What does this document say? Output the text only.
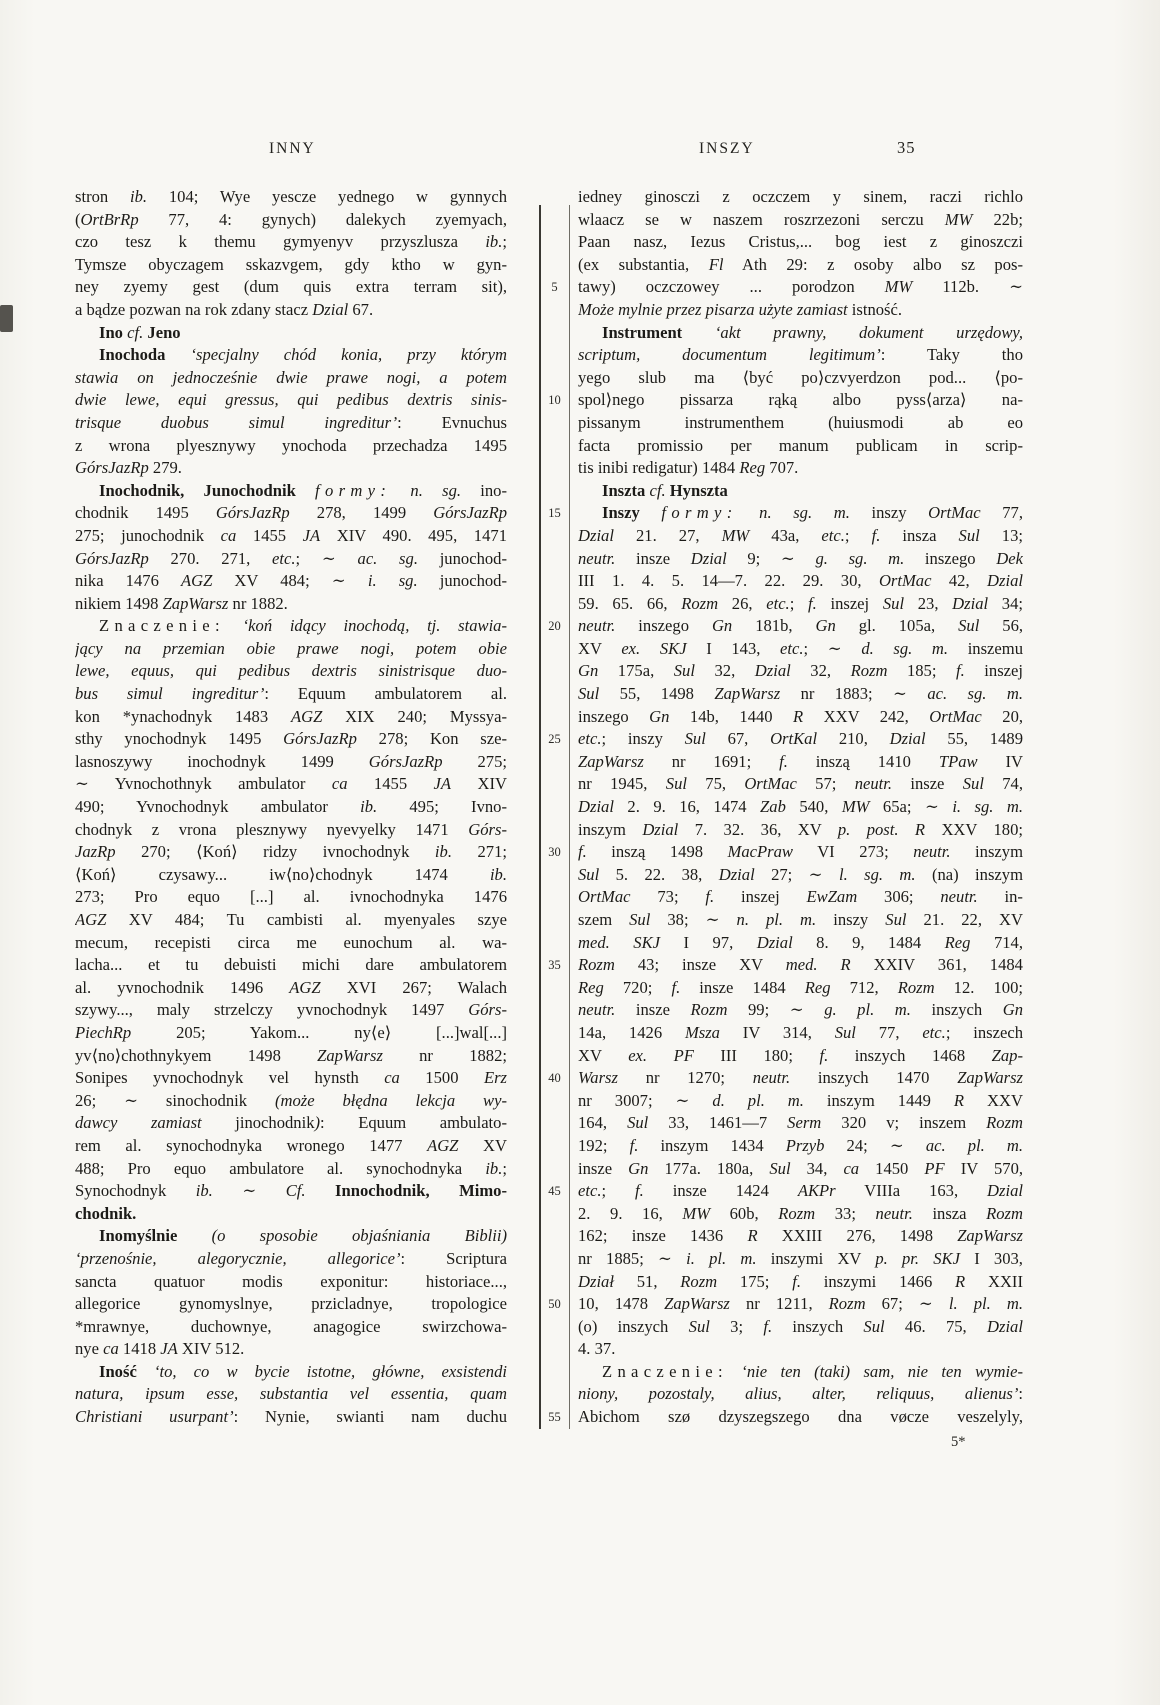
INNY	INSZY	35
stron ib. 104; Wye yescze yednego w gynnych
(OrtBrRp 77, 4: gynych) dalekych zyemyach,
czo tesz k themu gymyenyv przyszlusza ib.;
Tymsze obyczagem sskazvgem, gdy ktho w gyn-
ney zyemy gest (dum quis extra terram sit),
a bądze pozwan na rok zdany stacz Dzial 67.
Ino cf. Jeno
Inochoda ‘specjalny chód konia, przy którym
stawia on jednocześnie dwie prawe nogi, a potem
dwie lewe, equi gressus, qui pedibus dextris sinis-
trisque duobus simul ingreditur’: Evnuchus
z wrona plyesznywy ynochoda przechadza 1495
GórsJazRp 279.
Inochodnik, Junochodnik formy: n. sg. ino-
chodnik 1495 GórsJazRp 278, 1499 GórsJazRp
275; junochodnik ca 1455 JA XIV 490. 495, 1471
GórsJazRp 270. 271, etc.; ∼ ac. sg. junochod-
nika 1476 AGZ XV 484; ∼ i. sg. junochod-
nikiem 1498 ZapWarsz nr 1882.
Znaczenie: ‘koń idący inochodą, tj. stawia-
jący na przemian obie prawe nogi, potem obie
lewe, equus, qui pedibus dextris sinistrisque duo-
bus simul ingreditur’: Equum ambulatorem al.
kon *ynachodnyk 1483 AGZ XIX 240; Myssya-
sthy ynochodnyk 1495 GórsJazRp 278; Kon sze-
lasnoszywy inochodnyk 1499 GórsJazRp 275;
∼ Yvnochothnyk ambulator ca 1455 JA XIV
490; Yvnochodnyk ambulator ib. 495; Ivno-
chodnyk z vrona plesznywy nyevyelky 1471 Górs-
JazRp 270; ⟨Koń⟩ ridzy ivnochodnyk ib. 271;
⟨Koń⟩ czysawy... iw⟨no⟩chodnyk 1474 ib.
273; Pro equo [...] al. ivnochodnyka 1476
AGZ XV 484; Tu cambisti al. myenyales szye
mecum, recepisti circa me eunochum al. wa-
lacha... et tu debuisti michi dare ambulatorem
al. yvnochodnik 1496 AGZ XVI 267; Walach
szywy..., maly strzelczy yvnochodnyk 1497 Górs-
PiechRp 205; Yakom... ny⟨e⟩ [...]wal[...]
yv⟨no⟩chothnykyem 1498 ZapWarsz nr 1882;
Sonipes yvnochodnyk vel hynsth ca 1500 Erz
26; ∼ sinochodnik (może błędna lekcja wy-
dawcy zamiast jinochodnik): Equum ambulato-
rem al. synochodnyka wronego 1477 AGZ XV
488; Pro equo ambulatore al. synochodnyka ib.;
Synochodnyk ib. ∼ Cf. Innochodnik, Mimo-
chodnik.
Inomyślnie (o sposobie objaśniania Biblii)
‘przenośnie, alegorycznie, allegorice’: Scriptura
sancta quatuor modis exponitur: historiace...,
allegorice gynomyslnye, przicladnye, tropologice
*mrawnye, duchownye, anagogice swirzchowa-
nye ca 1418 JA XIV 512.
Iność ‘to, co w bycie istotne, główne, exsistendi
natura, ipsum esse, substantia vel essentia, quam
Christiani usurpant’: Nynie, swianti nam duchu
5
10
15
20
25
30
35
40
45
50
55
iedney ginosczi z oczczem y sinem, raczi richlo
wlaacz se w naszem roszrzezoni serczu MW 22b;
Paan nasz, Iezus Cristus,... bog iest z ginoszczi
(ex substantia, Fl Ath 29: z osoby albo sz pos-
tawy) oczczowey ... porodzon MW 112b. ∼
Może mylnie przez pisarza użyte zamiast istność.
Instrument ‘akt prawny, dokument urzędowy,
scriptum, documentum legitimum’: Taky tho
yego slub ma ⟨być po⟩czvyerdzon pod... ⟨po-
spol⟩nego pissarza rąką albo pyss⟨arza⟩ na-
pissanym instrumenthem (huiusmodi ab eo
facta promissio per manum publicam in scrip-
tis inibi redigatur) 1484 Reg 707.
Inszta cf. Hynszta
Inszy formy: n. sg. m. inszy OrtMac 77,
Dzial 21. 27, MW 43a, etc.; f. insza Sul 13;
neutr. insze Dzial 9; ∼ g. sg. m. inszego Dek
III 1. 4. 5. 14—7. 22. 29. 30, OrtMac 42, Dzial
59. 65. 66, Rozm 26, etc.; f. inszej Sul 23, Dzial 34;
neutr. inszego Gn 181b, Gn gl. 105a, Sul 56,
XV ex. SKJ I 143, etc.; ∼ d. sg. m. inszemu
Gn 175a, Sul 32, Dzial 32, Rozm 185; f. inszej
Sul 55, 1498 ZapWarsz nr 1883; ∼ ac. sg. m.
inszego Gn 14b, 1440 R XXV 242, OrtMac 20,
etc.; inszy Sul 67, OrtKal 210, Dzial 55, 1489
ZapWarsz nr 1691; f. inszą 1410 TPaw IV
nr 1945, Sul 75, OrtMac 57; neutr. insze Sul 74,
Dzial 2. 9. 16, 1474 Zab 540, MW 65a; ∼ i. sg. m.
inszym Dzial 7. 32. 36, XV p. post. R XXV 180;
f. inszą 1498 MacPraw VI 273; neutr. inszym
Sul 5. 22. 38, Dzial 27; ∼ l. sg. m. (na) inszym
OrtMac 73; f. inszej EwZam 306; neutr. in-
szem Sul 38; ∼ n. pl. m. inszy Sul 21. 22, XV
med. SKJ I 97, Dzial 8. 9, 1484 Reg 714,
Rozm 43; insze XV med. R XXIV 361, 1484
Reg 720; f. insze 1484 Reg 712, Rozm 12. 100;
neutr. insze Rozm 99; ∼ g. pl. m. inszych Gn
14a, 1426 Msza IV 314, Sul 77, etc.; inszech
XV ex. PF III 180; f. inszych 1468 Zap-
Warsz nr 1270; neutr. inszych 1470 ZapWarsz
nr 3007; ∼ d. pl. m. inszym 1449 R XXV
164, Sul 33, 1461—7 Serm 320 v; inszem Rozm
192; f. inszym 1434 Przyb 24; ∼ ac. pl. m.
insze Gn 177a. 180a, Sul 34, ca 1450 PF IV 570,
etc.; f. insze 1424 AKPr VIIIa 163, Dzial
2. 9. 16, MW 60b, Rozm 33; neutr. insza Rozm
162; insze 1436 R XXIII 276, 1498 ZapWarsz
nr 1885; ∼ i. pl. m. inszymi XV p. pr. SKJ I 303,
Dział 51, Rozm 175; f. inszymi 1466 R XXII
10, 1478 ZapWarsz nr 1211, Rozm 67; ∼ l. pl. m.
(o) inszych Sul 3; f. inszych Sul 46. 75, Dzial
4. 37.
Znaczenie: ‘nie ten (taki) sam, nie ten wymie-
niony, pozostaly, alius, alter, reliquus, alienus’:
Abichom szø dzyszegszego dna vøcze veszelyly,
5*
